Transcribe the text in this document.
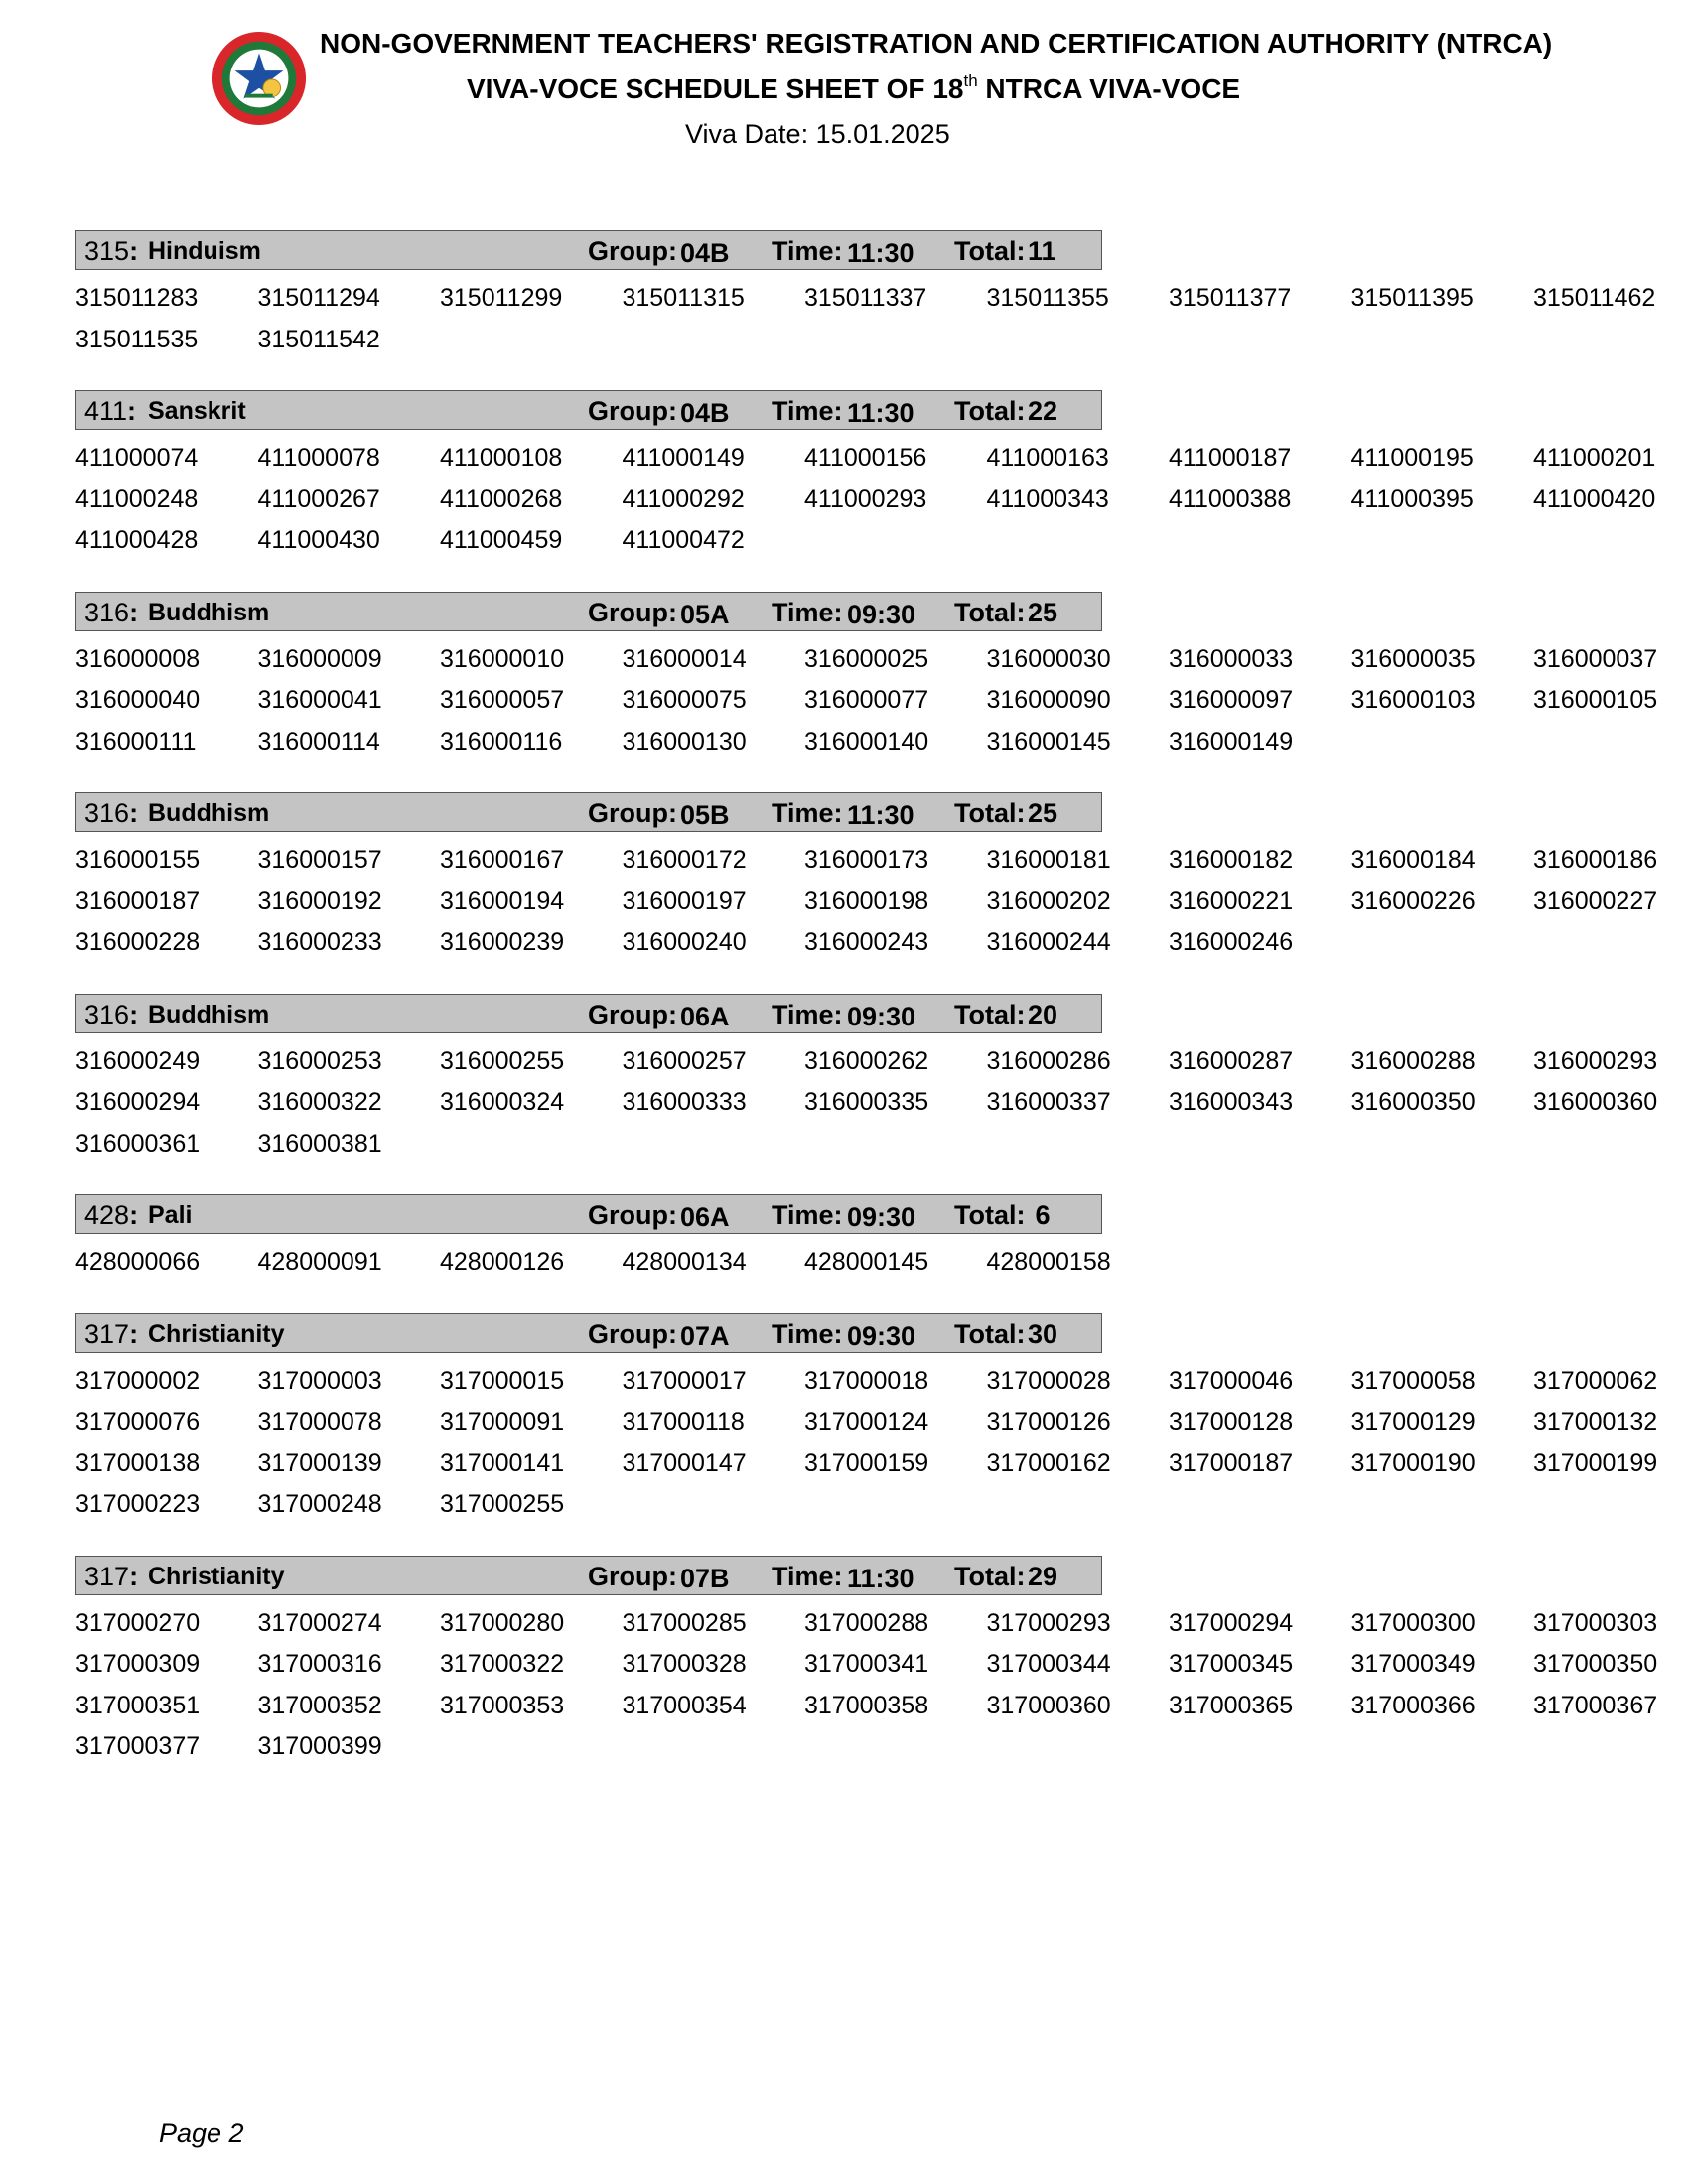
NON-GOVERNMENT TEACHERS' REGISTRATION AND CERTIFICATION AUTHORITY (NTRCA)
VIVA-VOCE SCHEDULE SHEET OF 18th NTRCA VIVA-VOCE
Viva Date: 15.01.2025
315: Hinduism	Group: 04B Time: 11:30 Total: 11
315011283	315011294	315011299	315011315	315011337	315011355	315011377	315011395	315011462
315011535	315011542
411: Sanskrit	Group: 04B Time: 11:30 Total: 22
411000074	411000078	411000108	411000149	411000156	411000163	411000187	411000195	411000201
411000248	411000267	411000268	411000292	411000293	411000343	411000388	411000395	411000420
411000428	411000430	411000459	411000472
316: Buddhism	Group: 05A Time: 09:30 Total: 25
316000008	316000009	316000010	316000014	316000025	316000030	316000033	316000035	316000037
316000040	316000041	316000057	316000075	316000077	316000090	316000097	316000103	316000105
316000111	316000114	316000116	316000130	316000140	316000145	316000149
316: Buddhism	Group: 05B Time: 11:30 Total: 25
316000155	316000157	316000167	316000172	316000173	316000181	316000182	316000184	316000186
316000187	316000192	316000194	316000197	316000198	316000202	316000221	316000226	316000227
316000228	316000233	316000239	316000240	316000243	316000244	316000246
316: Buddhism	Group: 06A Time: 09:30 Total: 20
316000249	316000253	316000255	316000257	316000262	316000286	316000287	316000288	316000293
316000294	316000322	316000324	316000333	316000335	316000337	316000343	316000350	316000360
316000361	316000381
428: Pali	Group: 06A Time: 09:30 Total: 6
428000066	428000091	428000126	428000134	428000145	428000158
317: Christianity	Group: 07A Time: 09:30 Total: 30
317000002	317000003	317000015	317000017	317000018	317000028	317000046	317000058	317000062
317000076	317000078	317000091	317000118	317000124	317000126	317000128	317000129	317000132
317000138	317000139	317000141	317000147	317000159	317000162	317000187	317000190	317000199
317000223	317000248	317000255
317: Christianity	Group: 07B Time: 11:30 Total: 29
317000270	317000274	317000280	317000285	317000288	317000293	317000294	317000300	317000303
317000309	317000316	317000322	317000328	317000341	317000344	317000345	317000349	317000350
317000351	317000352	317000353	317000354	317000358	317000360	317000365	317000366	317000367
317000377	317000399
Page 2
